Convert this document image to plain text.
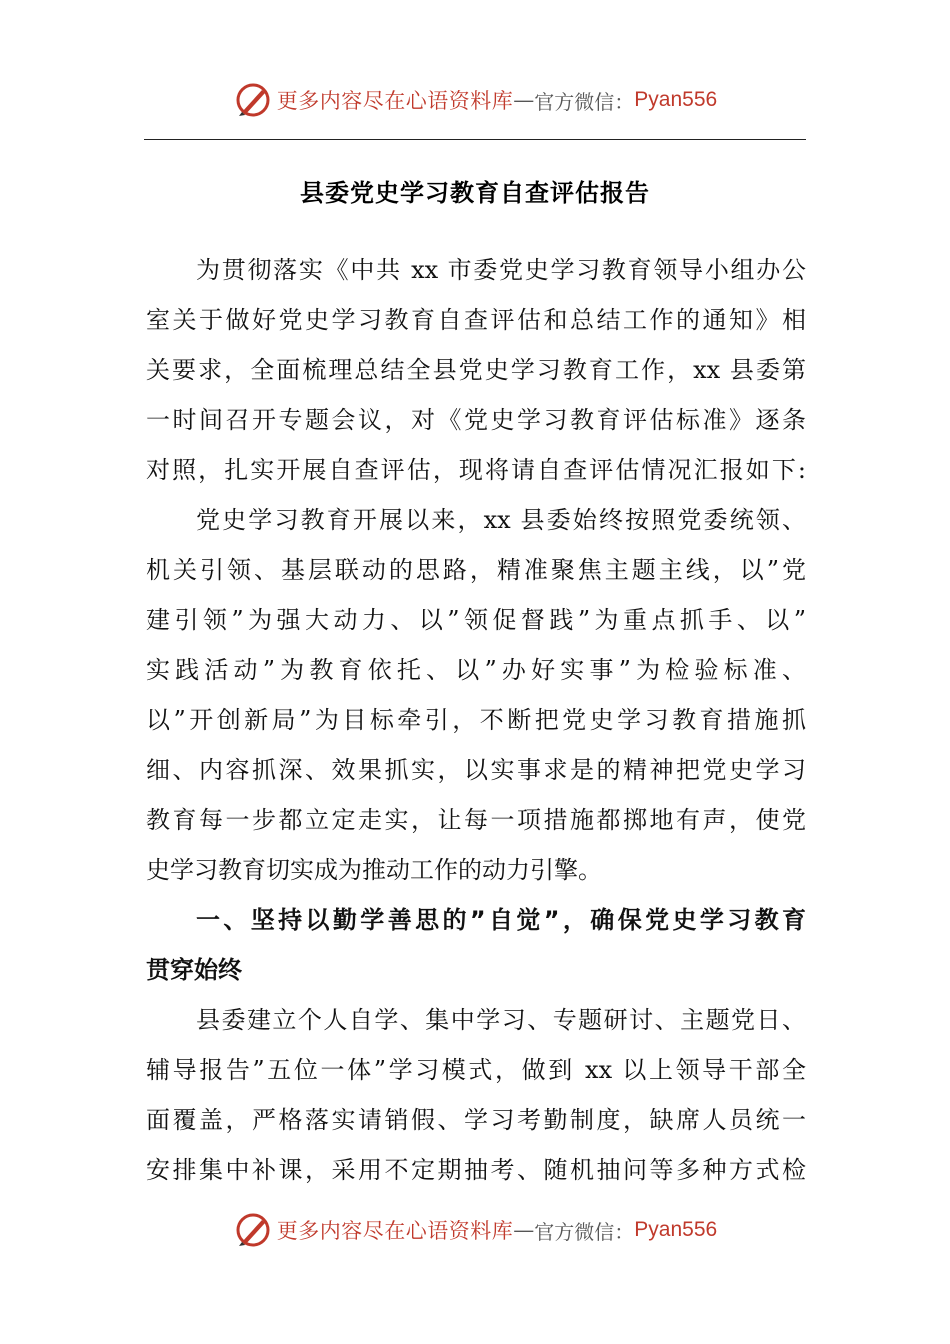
更多内容尽在心语资料库 — 官方微信： Pyan556
县委党史学习教育自查评估报告
为贯彻落实《中共 xx 市委党史学习教育领导小组办公
室关于做好党史学习教育自查评估和总结工作的通知》相
关要求，全面梳理总结全县党史学习教育工作，xx 县委第
一时间召开专题会议，对《党史学习教育评估标准》逐条
对照，扎实开展自查评估，现将请自查评估情况汇报如下:
党史学习教育开展以来，xx 县委始终按照党委统领、
机关引领、基层联动的思路，精准聚焦主题主线，以”党
建引领”为强大动力、以”领促督践”为重点抓手、以”
实践活动”为教育依托、以”办好实事”为检验标准、
以”开创新局”为目标牵引，不断把党史学习教育措施抓
细、内容抓深、效果抓实，以实事求是的精神把党史学习
教育每一步都立定走实，让每一项措施都掷地有声，使党
史学习教育切实成为推动工作的动力引擎。
一、坚持以勤学善思的”自觉”，确保党史学习教育
贯穿始终
县委建立个人自学、集中学习、专题研讨、主题党日、
辅导报告”五位一体”学习模式，做到 xx 以上领导干部全
面覆盖，严格落实请销假、学习考勤制度，缺席人员统一
安排集中补课，采用不定期抽考、随机抽问等多种方式检
更多内容尽在心语资料库 — 官方微信： Pyan556
